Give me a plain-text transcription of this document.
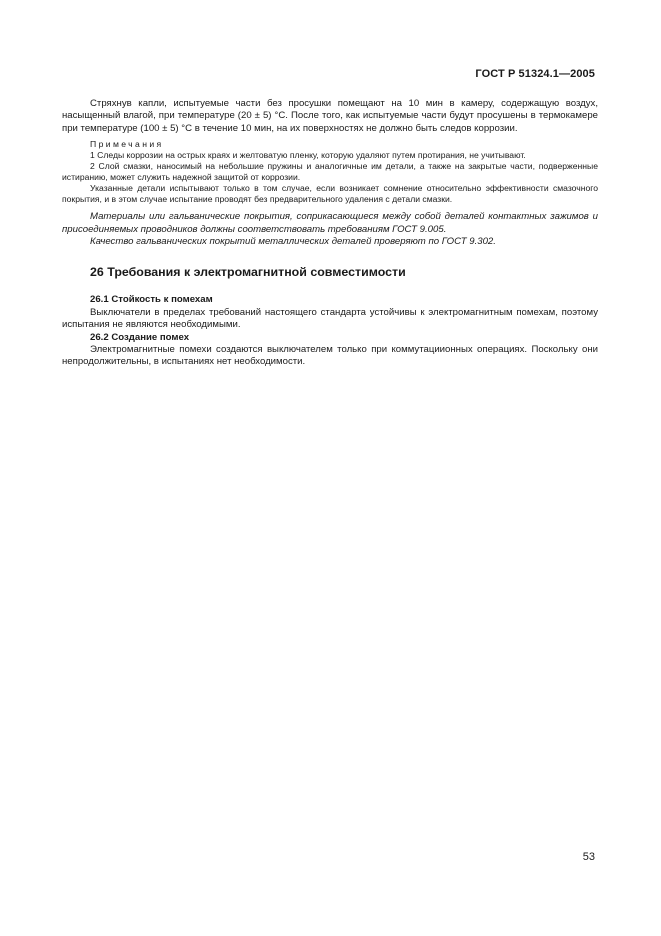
ГОСТ Р 51324.1—2005

Стряхнув капли, испытуемые части без просушки помещают на 10 мин в камеру, содержащую воздух, насыщенный влагой, при температуре (20 ± 5) °С. После того, как испытуемые части будут просушены в термокамере при температуре (100 ± 5) °С в течение 10 мин, на их поверхностях не должно быть следов коррозии.

Примечания

1 Следы коррозии на острых краях и желтоватую пленку, которую удаляют путем протирания, не учитывают.

2 Слой смазки, наносимый на небольшие пружины и аналогичные им детали, а также на закрытые части, подверженные истиранию, может служить надежной защитой от коррозии.

Указанные детали испытывают только в том случае, если возникает сомнение относительно эффективности смазочного покрытия, и в этом случае испытание проводят без предварительного удаления с детали смазки.

Материалы или гальванические покрытия, соприкасающиеся между собой деталей контактных зажимов и присоединяемых проводников должны соответствовать требованиям ГОСТ 9.005.

Качество гальванических покрытий металлических деталей проверяют по ГОСТ 9.302.

26 Требования к электромагнитной совместимости
26.1 Стойкость к помехам

Выключатели в пределах требований настоящего стандарта устойчивы к электромагнитным помехам, поэтому испытания не являются необходимыми.

26.2 Создание помех

Электромагнитные помехи создаются выключателем только при коммутациионных операциях. Поскольку они непродолжительны, в испытаниях нет необходимости.

53
